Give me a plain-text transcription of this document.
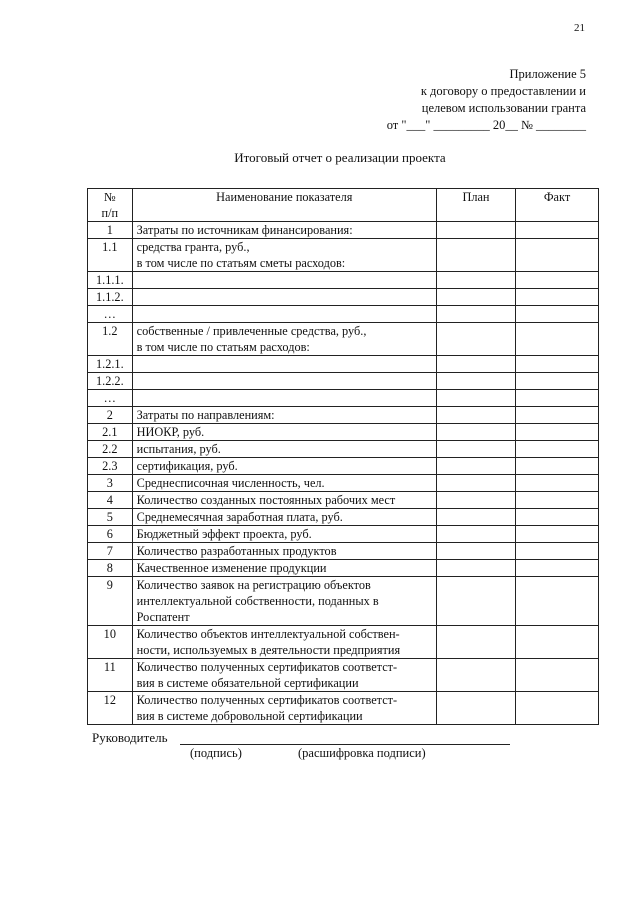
21
Приложение 5
к договору о предоставлении и
целевом использовании гранта
от "___" _________ 20__ № ________
Итоговый отчет о реализации проекта
№
п/п	Наименование показателя	План	Факт
1	Затраты по источникам финансирования:		

1.1	средства гранта, руб.,
в том числе по статьям сметы расходов:		

1.1.1.	

1.1.2.	

…	

1.2	собственные / привлеченные средства, руб.,
в том числе по статьям расходов:		

1.2.1.	

1.2.2.	

…	

2	Затраты по направлениям:		

2.1	НИОКР, руб.		

2.2	испытания, руб.		

2.3	сертификация, руб.		

3	Среднесписочная численность, чел.		

4	Количество созданных постоянных рабочих мест		

5	Среднемесячная заработная плата, руб.		

6	Бюджетный эффект проекта, руб.		

7	Количество разработанных продуктов		

8	Качественное изменение продукции		

9	Количество заявок на регистрацию объектов
интеллектуальной собственности, поданных в
Роспатент		

10	Количество объектов интеллектуальной собствен-
ности, используемых в деятельности предприятия		

11	Количество полученных сертификатов соответст-
вия в системе обязательной сертификации		

12	Количество полученных сертификатов соответст-
вия в системе добровольной сертификации		

Руководитель
(подпись)	(расшифровка подписи)
